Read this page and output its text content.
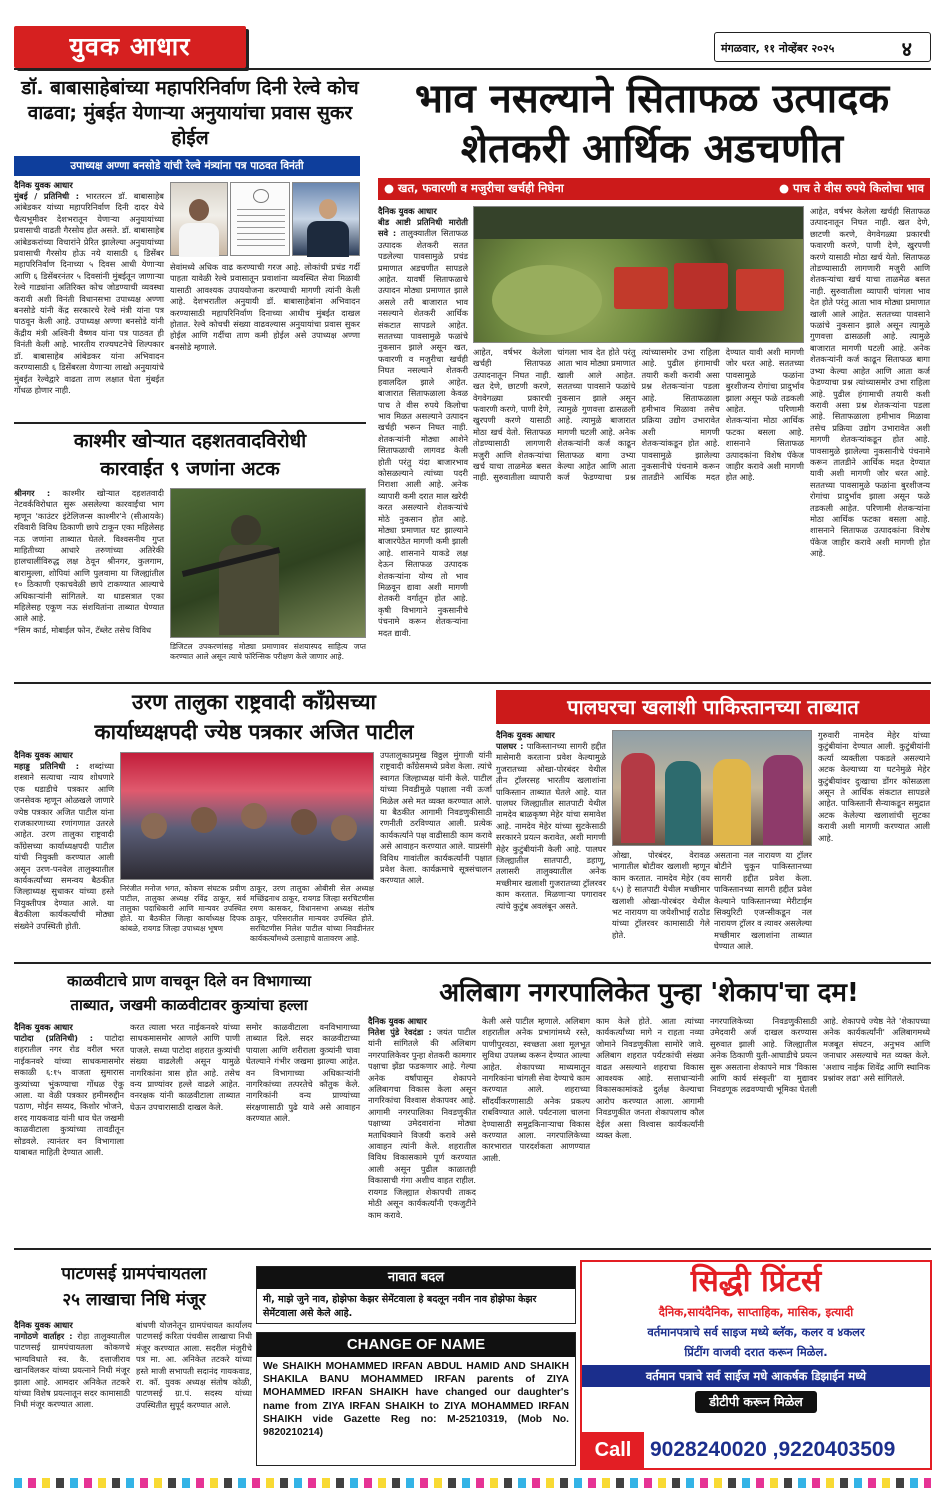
युवक आधार	मंगळवार, ११ नोव्हेंबर २०२५	४
डॉ. बाबासाहेबांच्या महापरिनिर्वाण दिनी रेल्वे कोच वाढवा; मुंबईत येणाऱ्या अनुयायांचा प्रवास सुकर होईल
उपाध्यक्ष अण्णा बनसोडे यांची रेल्वे मंत्र्यांना पत्र पाठवत विनंती
दैनिक युवक आधार
मुंबई / प्रतिनिधी : भारतरत्न डॉ. बाबासाहेब आंबेडकर यांच्या महापरिनिर्वाण दिनी दादर येथे चैत्यभूमीवर देशभरातून येणाऱ्या अनुयायांच्या प्रवासाची वाढती गैरसोय होत असते. डॉ. बाबासाहेब आंबेडकरांच्या विचारांने प्रेरित झालेल्या अनुयायांच्या प्रवासाची गैरसोय होऊ नये यासाठी ६ डिसेंबर महापरिनिर्वाण दिनाच्या ५ दिवस आधी येणाऱ्या आणि ६ डिसेंबरनंतर ५ दिवसांनी मुंबईतून जाणाऱ्या रेल्वे गाड्यांना अतिरिक्त कोच जोडण्याची व्यवस्था करावी अशी विनंती विधानसभा उपाध्यक्ष अण्णा बनसोडे यांनी केंद्र सरकारचे रेल्वे मंत्री यांना पत्र पाठवून केली आहे. उपाध्यक्ष अण्णा बनसोडे यांनी केंद्रीय मंत्री अश्विनी वैष्णव यांना पत्र पाठवत ही विनंती केली आहे. भारतीय राज्यघटनेचे शिल्पकार डॉ. बाबासाहेब आंबेडकर यांना अभिवादन करण्यासाठी ६ डिसेंबरला येणाऱ्या लाखो अनुयायांचे मुंबईत रेल्वेद्वारे वाढता ताण लक्षात घेता मुंबईत गोंधळ होणार नाही.
सेवांमध्ये अधिक वाढ करण्याची गरज आहे. लोकांची प्रचंड गर्दी पाहता यावेळी रेल्वे प्रवासातून प्रवाशांना व्यवस्थित सेवा मिळावी यासाठी आवश्यक उपाययोजना करण्याची मागणी त्यांनी केली आहे. देशभरातील अनुयायी डॉ. बाबासाहेबांना अभिवादन करण्यासाठी महापरिनिर्वाण दिनाच्या आधीच मुंबईत दाखल होतात. रेल्वे कोचची संख्या वाढवल्यास अनुयायांचा प्रवास सुकर होईल आणि गर्दीचा ताण कमी होईल असे उपाध्यक्ष अण्णा बनसोडे म्हणाले.
भाव नसल्याने सिताफळ उत्पादक
शेतकरी आर्थिक अडचणीत
● खत, फवारणी व मजुरीचा खर्चही निघेना	● पाच ते वीस रुपये किलोचा भाव
दैनिक युवक आधार
बीड आष्टी प्रतिनिधी मारोती सवे : तालुक्यातील सिताफळ उत्पादक शेतकरी सतत पडलेल्या पावसामुळे प्रचंड प्रमाणात अडचणीत सापडले आहेत. यावर्षी सिताफळाचे उत्पादन मोठ्या प्रमाणात झाले असले तरी बाजारात भाव नसल्याने शेतकरी आर्थिक संकटात सापडले आहेत. सततच्या पावसामुळे फळांचे नुकसान झाले असून खत, फवारणी व मजुरीचा खर्चही निघत नसल्याने शेतकरी हवालदिल झाले आहेत. बाजारात सिताफळाला केवळ पाच ते वीस रुपये किलोचा भाव मिळत असल्याने उत्पादन खर्चही भरून निघत नाही. शेतकऱ्यांनी मोठ्या आशेने सिताफळाची लागवड केली होती परंतु यंदा बाजारभाव कोसळल्याने त्यांच्या पदरी निराशा आली आहे. अनेक व्यापारी कमी दरात माल खरेदी करत असल्याने शेतकऱ्यांचे मोठे नुकसान होत आहे. मोठ्या प्रमाणात घट झाल्याने बाजारपेठेत मागणी कमी झाली आहे. शासनाने याकडे लक्ष देऊन सिताफळ उत्पादक शेतकऱ्यांना योग्य तो भाव मिळवून द्यावा अशी मागणी शेतकरी वर्गातून होत आहे. कृषी विभागाने नुकसानीचे पंचनामे करून शेतकऱ्यांना मदत द्यावी.
आहेत, वर्षभर केलेला खर्चही सिताफळ उत्पादनातून निघत नाही. खत देणे, छाटणी करणे, वेगवेगळ्या प्रकारची फवारणी करणे, पाणी देणे, खुरपणी करणे यासाठी मोठा खर्च येतो. सिताफळ तोडण्यासाठी लागणारी मजुरी आणि शेतकऱ्यांचा खर्च याचा ताळमेळ बसत नाही. सुरुवातीला व्यापारी चांगला भाव देत होते परंतु आता भाव मोठ्या प्रमाणात खाली आले आहेत. सततच्या पावसाने फळांचे नुकसान झाले असून त्यामुळे गुणवत्ता ढासळली आहे. त्यामुळे बाजारात मागणी घटली आहे. अनेक शेतकऱ्यांनी कर्ज काढून सिताफळ बागा उभ्या केल्या आहेत आणि आता कर्ज फेडण्याचा प्रश्न त्यांच्यासमोर उभा राहिला आहे. पुढील हंगामाची तयारी कशी करावी असा प्रश्न शेतकऱ्यांना पडला आहे. सिताफळाला हमीभाव मिळावा तसेच प्रक्रिया उद्योग उभारावेत अशी मागणी शेतकऱ्यांकडून होत आहे. पावसामुळे झालेल्या नुकसानीचे पंचनामे करून तातडीने आर्थिक मदत देण्यात यावी अशी मागणी जोर धरत आहे. सततच्या पावसामुळे फळांना बुरशीजन्य रोगांचा प्रादुर्भाव झाला असून फळे तडकली आहेत. परिणामी शेतकऱ्यांना मोठा आर्थिक फटका बसला आहे. शासनाने सिताफळ उत्पादकांना विशेष पॅकेज जाहीर करावे अशी मागणी होत आहे.
आहेत, वर्षभर केलेला खर्चही सिताफळ उत्पादनातून निघत नाही. खत देणे, छाटणी करणे, वेगवेगळ्या प्रकारची फवारणी करणे, पाणी देणे, खुरपणी करणे यासाठी मोठा खर्च येतो. सिताफळ तोडण्यासाठी लागणारी मजुरी आणि शेतकऱ्यांचा खर्च याचा ताळमेळ बसत नाही. सुरुवातीला व्यापारी चांगला भाव देत होते परंतु आता भाव मोठ्या प्रमाणात खाली आले आहेत. सततच्या पावसाने फळांचे नुकसान झाले असून त्यामुळे गुणवत्ता ढासळली आहे. त्यामुळे बाजारात मागणी घटली आहे. अनेक शेतकऱ्यांनी कर्ज काढून सिताफळ बागा उभ्या केल्या आहेत आणि आता कर्ज फेडण्याचा प्रश्न त्यांच्यासमोर उभा राहिला आहे. पुढील हंगामाची तयारी कशी करावी असा प्रश्न शेतकऱ्यांना पडला आहे. सिताफळाला हमीभाव मिळावा तसेच प्रक्रिया उद्योग उभारावेत अशी मागणी शेतकऱ्यांकडून होत आहे. पावसामुळे झालेल्या नुकसानीचे पंचनामे करून तातडीने आर्थिक मदत देण्यात यावी अशी मागणी जोर धरत आहे. सततच्या पावसामुळे फळांना बुरशीजन्य रोगांचा प्रादुर्भाव झाला असून फळे तडकली आहेत. परिणामी शेतकऱ्यांना मोठा आर्थिक फटका बसला आहे. शासनाने सिताफळ उत्पादकांना विशेष पॅकेज जाहीर करावे अशी मागणी होत आहे.
काश्मीर खोऱ्यात दहशतवादविरोधी
कारवाईत ९ जणांना अटक
श्रीनगर : काश्मीर खोऱ्यात दहशतवादी नेटवर्कविरोधात सुरू असलेल्या कारवाईंचा भाग म्हणून 'काउंटर इंटेलिजन्स काश्मीर'ने (सीआयके) रविवारी विविध ठिकाणी छापे टाकून एका महिलेसह नऊ जणांना ताब्यात घेतले. विश्वसनीय गुप्त माहितीच्या आधारे तरुणांच्या अतिरेकी हालचालींविरुद्ध लक्ष ठेवून श्रीनगर, कुलगाम, बारामुल्ला, शोपियां आणि पुलवामा या जिल्ह्यांतील १० ठिकाणी एकाचवेळी छापे टाकण्यात आल्याचे अधिकाऱ्यांनी सांगितले. या धाडसत्रात एका महिलेसह एकूण नऊ संशयितांना ताब्यात घेण्यात आले आहे.
*सिम कार्ड, मोबाईल फोन, टॅब्लेट तसेच विविध
डिजिटल उपकरणांसह मोठ्या प्रमाणावर संशयास्पद साहित्य जप्त करण्यात आले असून त्याचे फॉरेन्सिक परीक्षण केले जाणार आहे.
उरण तालुका राष्ट्रवादी कॉंग्रेसच्या
कार्याध्यक्षपदी ज्येष्ठ पत्रकार अजित पाटील
दैनिक युवक आधार
महाड्ड प्रतिनिधी : शब्दांच्या शस्त्राने सत्याचा न्याय शोधणारे एक धडाडीचे पत्रकार आणि जनसेवक म्हणून ओळखले जाणारे ज्येष्ठ पत्रकार अजित पाटील यांना राजकारणाच्या रणांगणात उतरले आहेत. उरण तालुका राष्ट्रवादी काँग्रेसच्या कार्याध्यक्षपदी पाटील यांची नियुक्ती करण्यात आली असून उरण-पनवेल तालुक्यातील कार्यकर्त्यांच्या समन्वय बैठकीत जिल्हाध्यक्ष सुधाकर यांच्या हस्ते नियुक्तीपत्र देण्यात आले. या बैठकीला कार्यकर्त्यांची मोठ्या संख्येने उपस्थिती होती.
निरंजीत मनोज भगत, कोकण संघटक प्रवीण पाटील, तालुका अध्यक्ष रविंद्र ठाकूर, सर्व तालुका पदाधिकारी आणि मान्यवर उपस्थित होते. या बैठकीत जिल्हा कार्याध्यक्ष दिपक कांबळे, रायगड जिल्हा उपाध्यक्ष भूषण
ठाकूर, उरण तालुका ओबीसी सेल अध्यक्ष मच्छिंद्रनाथ ठाकूर, रायगड जिल्हा सरचिटणीस रमण कासकर, विधानसभा अध्यक्ष संतोष ठाकूर, परिसरातील मान्यवर उपस्थित होते. सरचिटणीस निलेश पाटील यांच्या निवडीनंतर कार्यकर्त्यांमध्ये उत्साहाचे वातावरण आहे.
उपतालुकाप्रमुख विठ्ठल मुंगाजी यांनी राष्ट्रवादी काँग्रेसमध्ये प्रवेश केला. त्यांचे स्वागत जिल्हाध्यक्ष यांनी केले. पाटील यांच्या निवडीमुळे पक्षाला नवी ऊर्जा मिळेल असे मत व्यक्त करण्यात आले. या बैठकीत आगामी निवडणुकीसाठी रणनीती ठरविण्यात आली. प्रत्येक कार्यकर्त्याने पक्ष वाढीसाठी काम करावे असे आवाहन करण्यात आले. याप्रसंगी विविध गावांतील कार्यकर्त्यांनी पक्षात प्रवेश केला. कार्यक्रमाचे सूत्रसंचालन करण्यात आले.
पालघरचा खलाशी पाकिस्तानच्या ताब्यात
दैनिक युवक आधार
पालघर : पाकिस्तानच्या सागरी हद्दीत मासेमारी करताना प्रवेश केल्यामुळे गुजरातच्या ओखा-पोरबंदर येथील तीन ट्रॉलरसह भारतीय खलाशांना पाकिस्तान ताब्यात घेतले आहे. यात पालघर जिल्ह्यातील सातपाटी येथील नामदेव बाळकृष्ण मेहेर यांचा समावेश आहे. नामदेव मेहेर यांच्या सुटकेसाठी सरकारने प्रयत्न करावेत, अशी मागणी मेहेर कुटुंबीयांनी केली आहे. पालघर जिल्ह्यातील सातपाटी, डहाणू, तलासरी तालुक्यातील अनेक मच्छीमार खलाशी गुजरातच्या ट्रॉलरवर काम करतात. मिळणाऱ्या पगारावर त्यांचे कुटुंब अवलंबून असते.
ओखा, पोरबंदर, वेरावळ भागातील बोटीवर खलाशी म्हणून काम करतात. नामदेव मेहेर (वय ६५) हे सातपाटी येथील मच्छीमार खलाशी ओखा-पोरबंदर येथील भट नारायण या जयेशीभाई राठोड यांच्या ट्रॉलरवर कामासाठी गेले होते.
असताना नल नारायण या ट्रॉलर बोटीने चुकून पाकिस्तानच्या सागरी हद्दीत प्रवेश केला. पाकिस्तानच्या सागरी हद्दीत प्रवेश केल्याने पाकिस्तानच्या मेरीटाईम सिक्युरिटी एजन्सीकडून नल नारायण ट्रॉलर व त्यावर असलेल्या मच्छीमार खलाशांना ताब्यात घेण्यात आले.
गुरुवारी नामदेव मेहेर यांच्या कुटुंबीयांना देण्यात आली. कुटुंबीयांनी कर्त्या व्यक्तीला पकडले असल्याने अटक केल्याच्या या घटनेमुळे मेहेर कुटुंबीयांवर दुःखाचा डोंगर कोसळला असून ते आर्थिक संकटात सापडले आहेत. पाकिस्तानी सैन्याकडून समुद्रात अटक केलेल्या खलाशांची सुटका करावी अशी मागणी करण्यात आली आहे.
काळवीटाचे प्राण वाचवून दिले वन विभागाच्या
ताब्यात, जखमी काळवीटावर कुत्र्यांचा हल्ला
दैनिक युवक आधार
पाटोदा (प्रतिनिधी) : पाटोदा शहरातील नगर रोड वरील भरत नाईकनवरे यांच्या साधकमासमोर सकाळी ६:१५ वाजता सुमारास कुत्र्यांच्या भुंकण्याचा गोंधळ ऐकू आला. या वेळी पत्रकार हमीमरुद्दीन पठाण, मोईन सय्यद, किशोर भोजने, शरद गायकवाड यांनी धाव घेत जखमी काळवीटाला कुत्र्यांच्या तावडीतून सोडवले. त्यानंतर वन विभागाला याबाबत माहिती देण्यात आली.
करत त्याला भरत नाईकनवरे यांच्या साधकमासमोर आणले आणि पाणी पाजले. सध्या पाटोदा शहरात कुत्र्यांची संख्या वाढलेली असून यामुळे नागरिकांना त्रास होत आहे. तसेच वन्य प्राण्यांवर हल्ले वाढले आहेत. वनरक्षक यांनी काळवीटाला ताब्यात घेऊन उपचारासाठी दाखल केले.
समोर काळवीटाला वनविभागाच्या ताब्यात दिले. सदर काळवीटाच्या पायाला आणि शरीराला कुत्र्यांनी चावा घेतल्याने गंभीर जखमा झाल्या आहेत. वन विभागाच्या अधिकाऱ्यांनी नागरिकांच्या तत्परतेचे कौतुक केले. नागरिकांनी वन्य प्राण्यांच्या संरक्षणासाठी पुढे यावे असे आवाहन करण्यात आले.
अलिबाग नगरपालिकेत पुन्हा 'शेकाप'चा दम!
दैनिक युवक आधार
नितेश पुंडे रेवदंडा : जयंत पाटील यांनी सांगितले की अलिबाग नगरपालिकेवर पुन्हा शेतकरी कामगार पक्षाचा झेंडा फडकणार आहे. गेल्या अनेक वर्षांपासून शेकापने अलिबागचा विकास केला असून नागरिकांचा विश्वास शेकापवर आहे. आगामी नगरपालिका निवडणुकीत पक्षाच्या उमेदवारांना मोठ्या मताधिक्याने विजयी करावे असे आवाहन त्यांनी केले. शहरातील विविध विकासकामे पूर्ण करण्यात आली असून पुढील काळातही विकासाची गंगा अशीच वाहत राहील. रायगड जिल्ह्यात शेकापची ताकद मोठी असून कार्यकर्त्यांनी एकजुटीने काम करावे.
केली असे पाटील म्हणाले. अलिबाग शहरातील अनेक प्रभागांमध्ये रस्ते, पाणीपुरवठा, स्वच्छता अशा मूलभूत सुविधा उपलब्ध करून देण्यात आल्या आहेत. शेकापच्या माध्यमातून नागरिकांना चांगली सेवा देण्याचे काम करण्यात आले. शहराच्या सौंदर्यीकरणासाठी अनेक प्रकल्प राबविण्यात आले. पर्यटनाला चालना देण्यासाठी समुद्रकिनाऱ्याचा विकास करण्यात आला. नगरपालिकेच्या कारभारात पारदर्शकता आणण्यात आली.
काम केले होते. आता त्यांच्या कार्यकर्त्यांच्या मागे न राहता नव्या जोमाने निवडणुकीला सामोरे जावे. अलिबाग शहरात पर्यटकांची संख्या वाढत असल्याने शहराचा विकास आवश्यक आहे. सत्ताधाऱ्यांनी विकासकामांकडे दुर्लक्ष केल्याचा आरोप करण्यात आला. आगामी निवडणुकीत जनता शेकापलाच कौल देईल असा विश्वास कार्यकर्त्यांनी व्यक्त केला.
नगरपालिकेच्या निवडणुकीसाठी उमेदवारी अर्ज दाखल करण्यास सुरुवात झाली आहे. जिल्ह्यातील अनेक ठिकाणी युती-आघाडीचे प्रयत्न सुरू असताना शेकापने मात्र 'विकास आणि कार्य संस्कृती' या मुद्यावर निवडणूक लढवण्याची भूमिका घेतली आहे. शेकापचे ज्येष्ठ नेते 'शेकापच्या अनेक कार्यकर्त्यांनी' अलिबागमध्ये मजबूत संघटन, अनुभव आणि जनाधार असल्याचे मत व्यक्त केले. 'अशाच नाईक शिवेंद्र आणि स्थानिक प्रश्नांवर लढा' असे सांगितले.
पाटणसई ग्रामपंचायतला
२५ लाखाचा निधि मंजूर
दैनिक युवक आधार
नागोठणे वार्ताहर : रोहा तालुक्यातील पाटणसई ग्रामपंचायतला कोकणचे भाग्यविधाते स्व. कै. दत्ताजीराव खानविलकर यांच्या प्रयत्नाने निधी मंजूर झाला आहे. आमदार अनिकेत तटकरे यांच्या विशेष प्रयत्नातून सदर कामासाठी निधी मंजूर करण्यात आला.
बांधणी योजनेतून ग्रामपंचायत कार्यालय पाटणसई करिता पंचवीस लाखाचा निधी मंजूर करण्यात आला. सदरील मंजुरीचे पत्र मा. आ. अनिकेत तटकरे यांच्या हस्ते माजी सभापती सदानंद गायकवाड, रा. कॉ. युवक अध्यक्ष संतोष कोळी, पाटणसई ग्रा.पं. सदस्य यांच्या उपस्थितीत सुपूर्द करण्यात आले.
नावात बदल
मी, माझे जुने नाव, होझेफा केझर सेमेंटवाला हे बदलून नवीन नाव होझेफा केझर सेमेंटवाला असे केले आहे.
CHANGE OF NAME
We SHAIKH MOHAMMED IRFAN ABDUL HAMID AND SHAIKH SHAKILA BANU MOHAMMED IRFAN parents of ZIYA MOHAMMED IRFAN SHAIKH have changed our daughter's name from ZIYA IRFAN SHAIKH to ZIYA MOHAMMED IRFAN SHAIKH vide Gazette Reg no: M-25210319, (Mob No. 9820210214)
सिद्धी प्रिंटर्स
दैनिक,सायंदैनिक, साप्ताहिक, मासिक, इत्यादी
वर्तमानपत्राचे सर्व साइज मध्ये ब्लॅक, कलर व ४कलर
प्रिंटींग वाजवी दरात करून मिळेल.
वर्तमान पत्राचे सर्व साईज मधे आकर्षक डिझाईन मध्ये
डीटीपी करून मिळेल
Call 9028240020 ,9220403509
